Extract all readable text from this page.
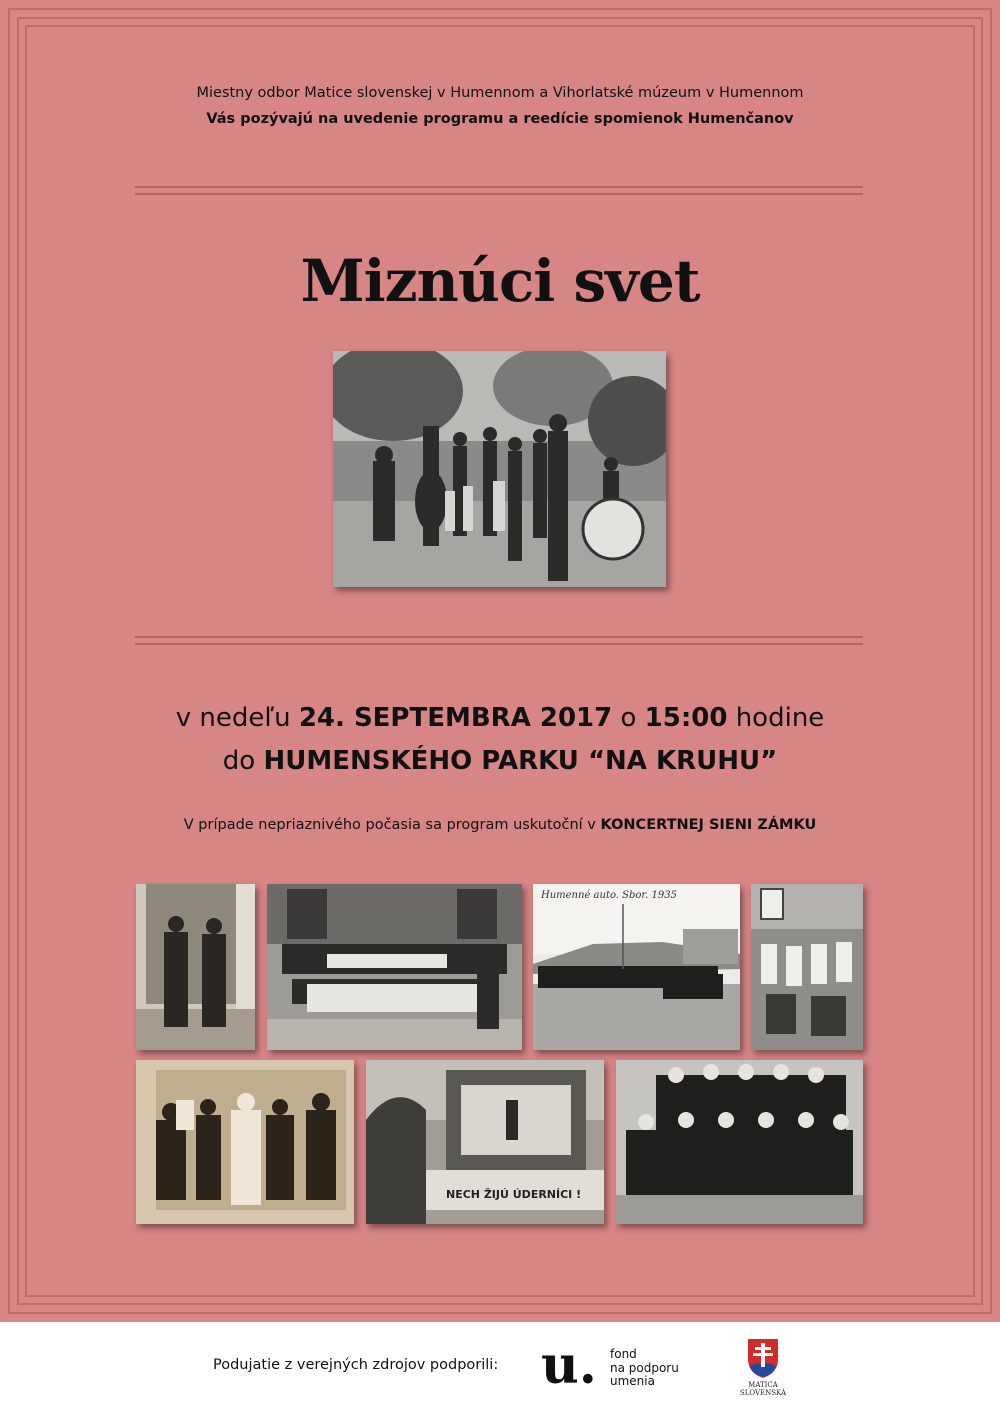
Miestny odbor Matice slovenskej v Humennom a Vihorlatské múzeum v Humennom
Vás pozývajú na uvedenie programu a reedície spomienok Humenčanov
Miznúci svet
v nedeľu 24. SEPTEMBRA 2017 o 15:00 hodine
do HUMENSKÉHO PARKU “NA KRUHU”
V prípade nepriaznivého počasia sa program uskutoční v KONCERTNEJ SIENI ZÁMKU
Humenné auto. Sbor. 1935
NECH ŽIJÚ ÚDERNÍCI !
Podujatie z verejných zdrojov podporili: u. fond
na podporu
umenia	MATICA
SLOVENSKÁ
